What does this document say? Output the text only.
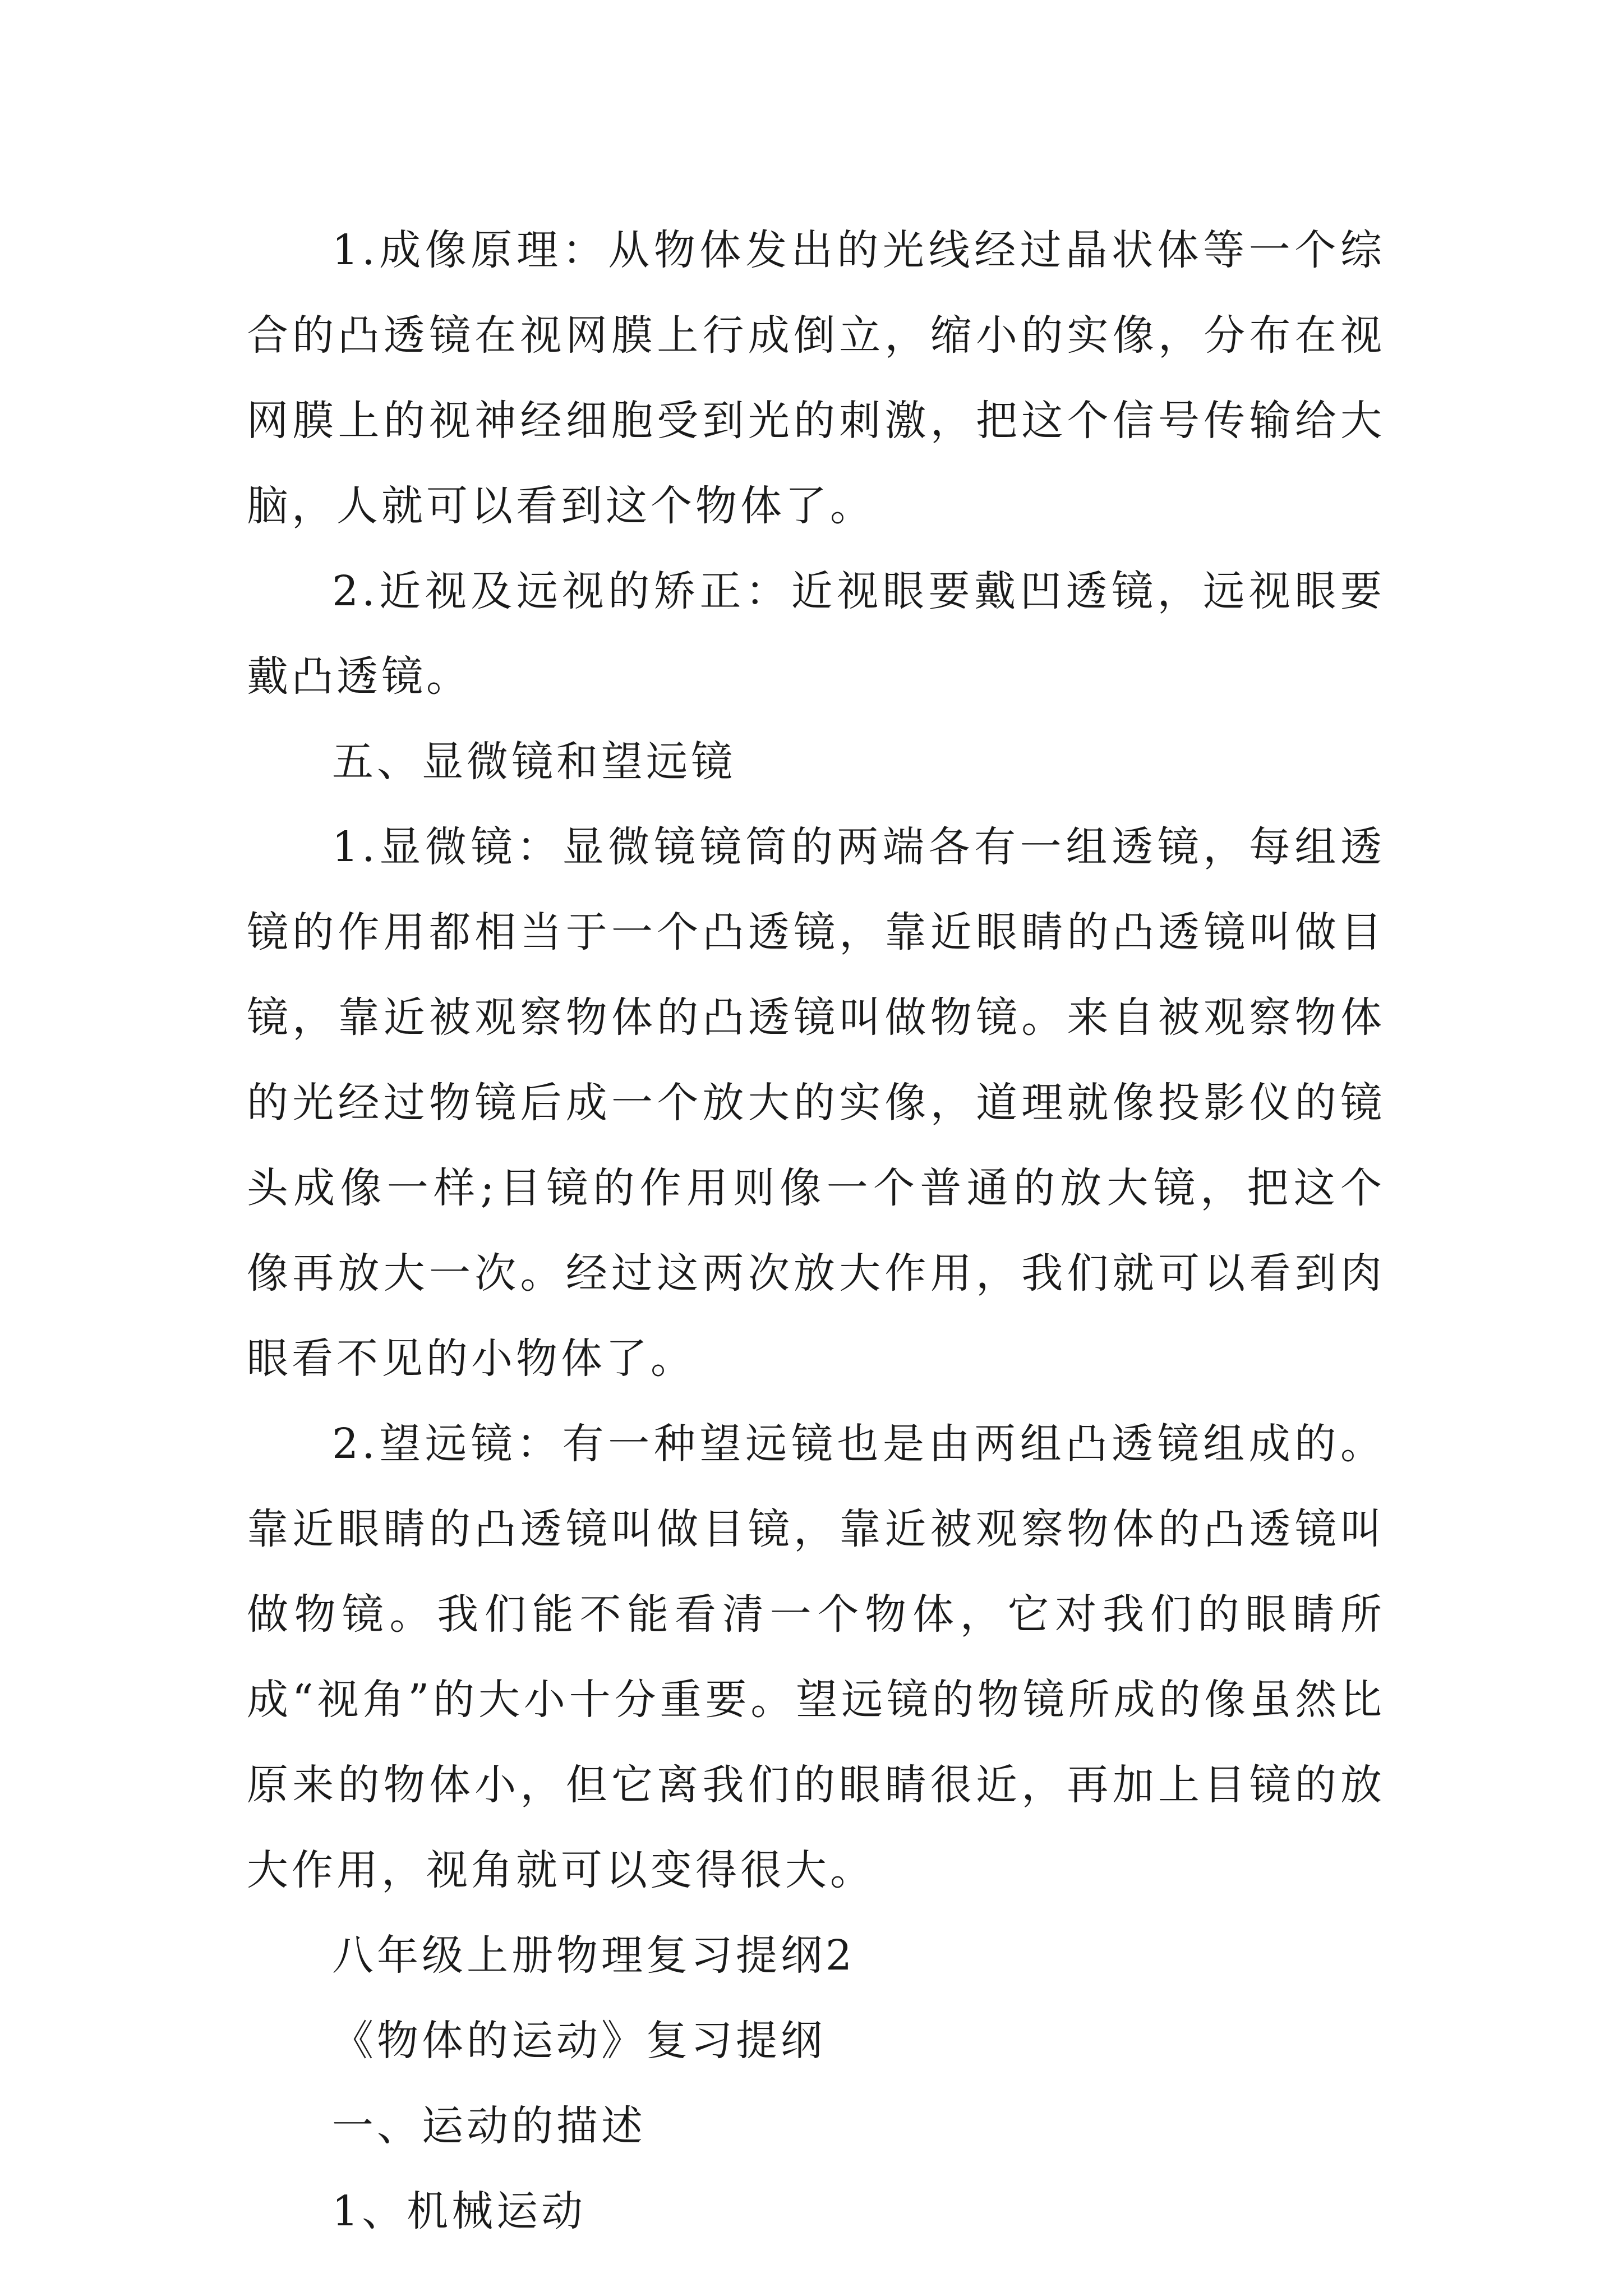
1.成像原理：从物体发出的光线经过晶状体等一个综合的凸透镜在视网膜上行成倒立，缩小的实像，分布在视网膜上的视神经细胞受到光的刺激，把这个信号传输给大脑，人就可以看到这个物体了。

2.近视及远视的矫正：近视眼要戴凹透镜，远视眼要戴凸透镜。

五、显微镜和望远镜

1.显微镜：显微镜镜筒的两端各有一组透镜，每组透镜的作用都相当于一个凸透镜，靠近眼睛的凸透镜叫做目镜，靠近被观察物体的凸透镜叫做物镜。来自被观察物体的光经过物镜后成一个放大的实像，道理就像投影仪的镜头成像一样;目镜的作用则像一个普通的放大镜，把这个像再放大一次。经过这两次放大作用，我们就可以看到肉眼看不见的小物体了。

2.望远镜：有一种望远镜也是由两组凸透镜组成的。靠近眼睛的凸透镜叫做目镜，靠近被观察物体的凸透镜叫做物镜。我们能不能看清一个物体，它对我们的眼睛所成“视角”的大小十分重要。望远镜的物镜所成的像虽然比原来的物体小，但它离我们的眼睛很近，再加上目镜的放大作用，视角就可以变得很大。

八年级上册物理复习提纲2

《物体的运动》复习提纲

一、运动的描述

1、机械运动
